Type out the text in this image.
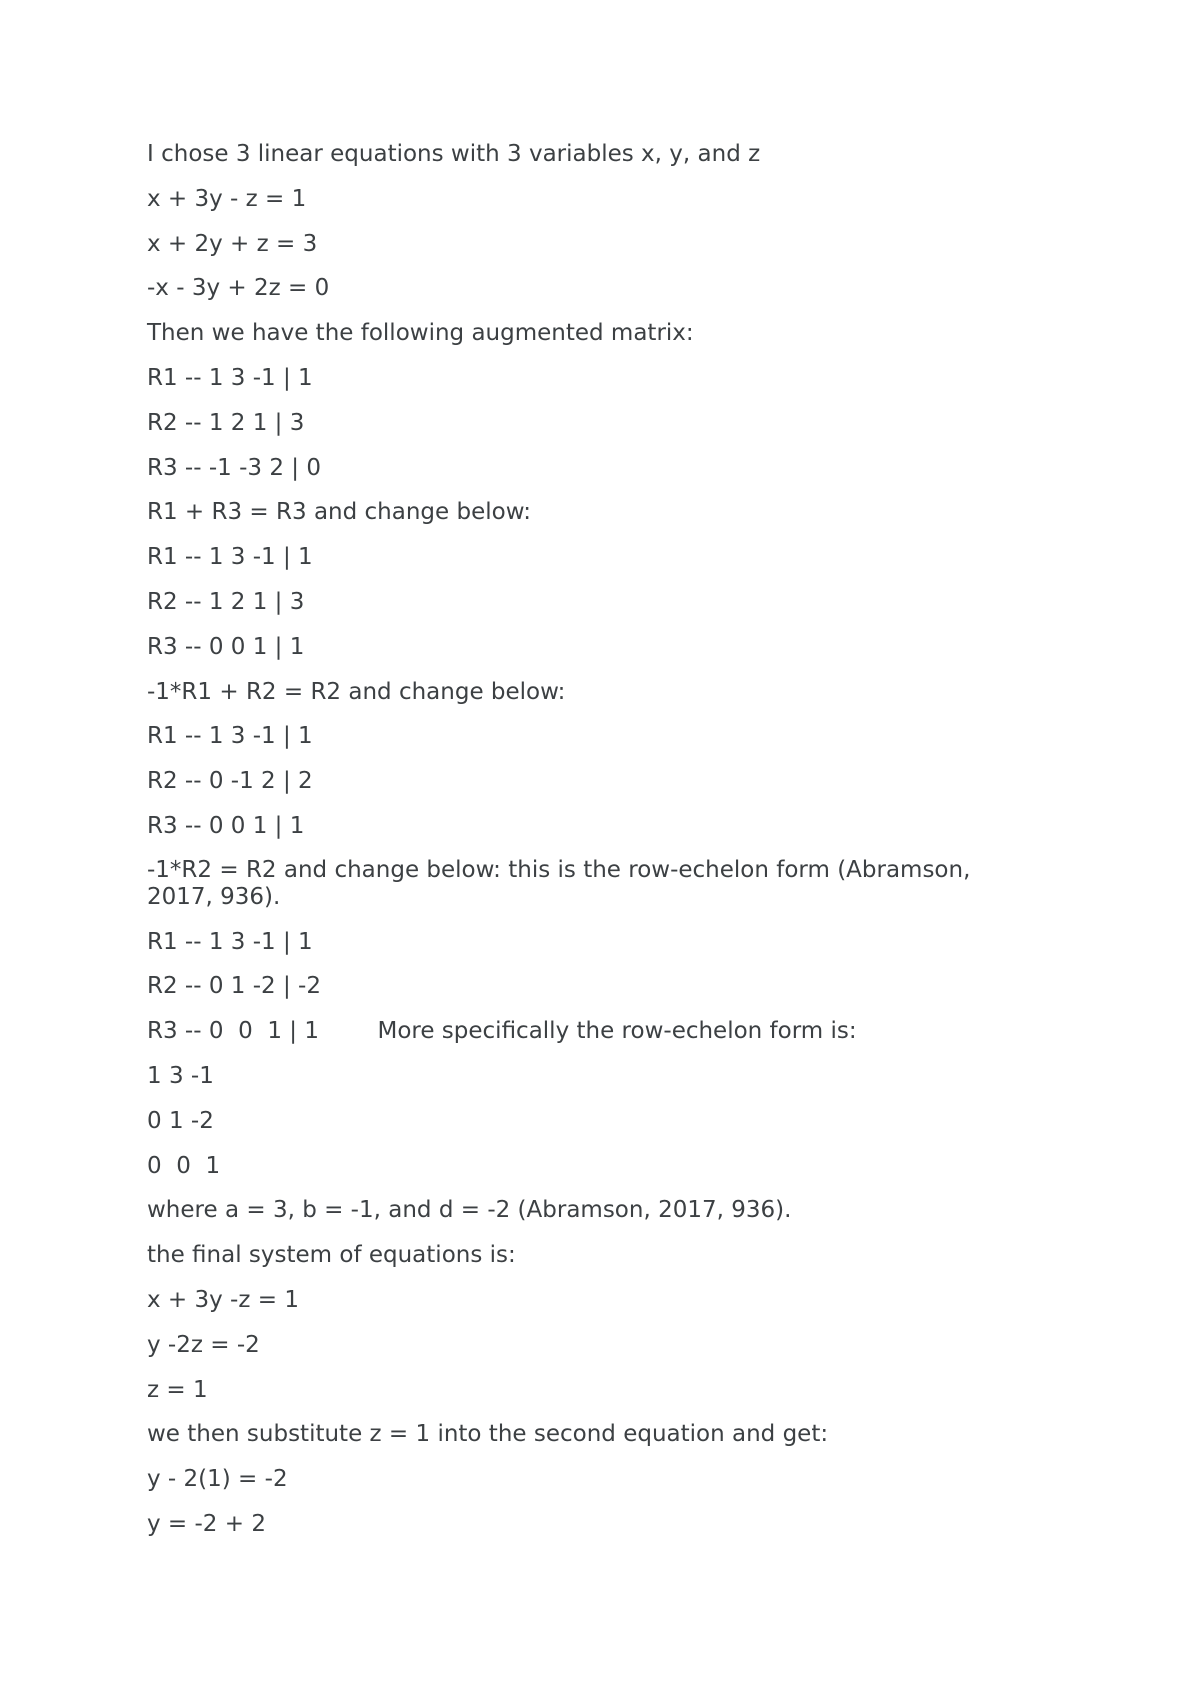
I chose 3 linear equations with 3 variables x, y, and z
x + 3y - z = 1
x + 2y + z = 3
-x - 3y + 2z = 0
Then we have the following augmented matrix:
R1 -- 1 3 -1 | 1
R2 -- 1 2 1 | 3
R3 -- -1 -3 2 | 0
R1 + R3 = R3 and change below:
R1 -- 1 3 -1 | 1
R2 -- 1 2 1 | 3
R3 -- 0 0 1 | 1
-1*R1 + R2 = R2 and change below:
R1 -- 1 3 -1 | 1
R2 -- 0 -1 2 | 2
R3 -- 0 0 1 | 1
-1*R2 = R2 and change below: this is the row-echelon form (Abramson, 2017, 936).
R1 -- 1 3 -1 | 1
R2 -- 0 1 -2 | -2
R3 -- 0  0  1 | 1        More specifically the row-echelon form is:
1 3 -1
0 1 -2
0  0  1
where a = 3, b = -1, and d = -2 (Abramson, 2017, 936).
the final system of equations is:
x + 3y -z = 1
y -2z = -2
z = 1
we then substitute z = 1 into the second equation and get:
y - 2(1) = -2
y = -2 + 2
